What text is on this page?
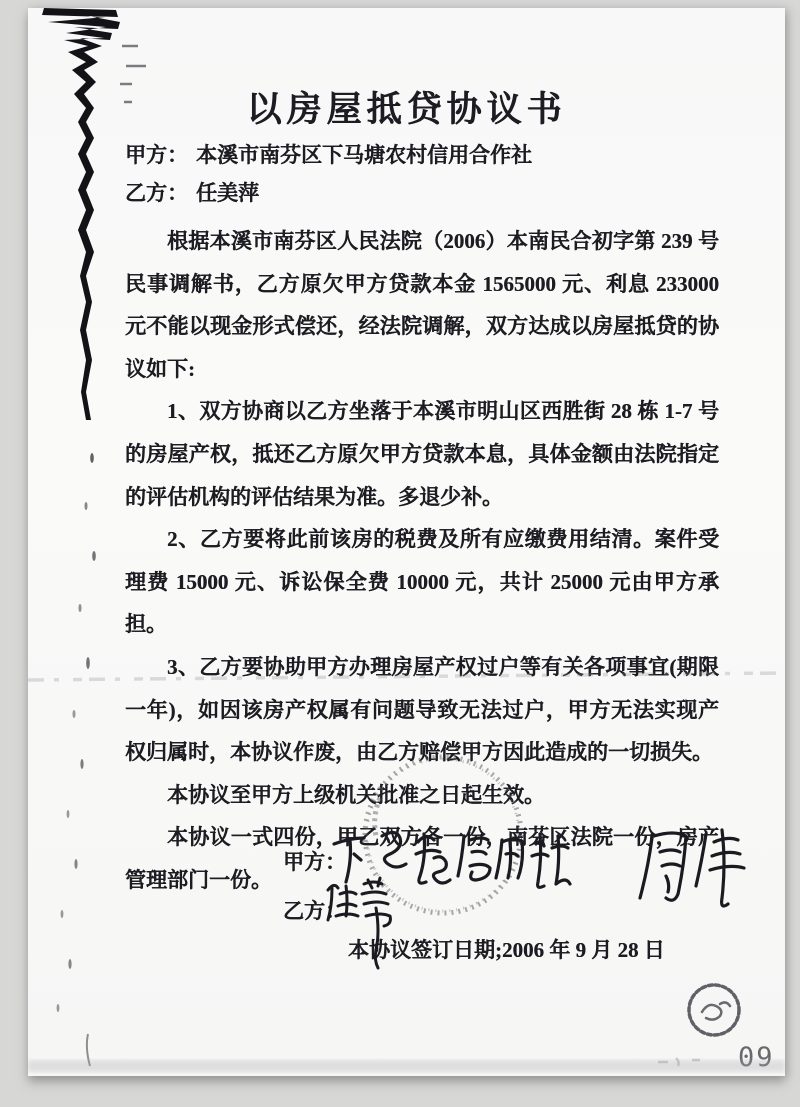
以房屋抵贷协议书
甲方： 本溪市南芬区下马塘农村信用合作社
乙方： 任美萍

根据本溪市南芬区人民法院（2006）本南民合初字第 239 号民事调解书，乙方原欠甲方贷款本金 1565000 元、利息 233000 元不能以现金形式偿还，经法院调解，双方达成以房屋抵贷的协议如下:

1、双方协商以乙方坐落于本溪市明山区西胜街 28 栋 1-7 号的房屋产权，抵还乙方原欠甲方贷款本息，具体金额由法院指定的评估机构的评估结果为准。多退少补。

2、乙方要将此前该房的税费及所有应缴费用结清。案件受理费 15000 元、诉讼保全费 10000 元，共计 25000 元由甲方承担。

3、乙方要协助甲方办理房屋产权过户等有关各项事宜(期限一年)，如因该房产权属有问题导致无法过户，甲方无法实现产权归属时，本协议作废，由乙方赔偿甲方因此造成的一切损失。

本协议至甲方上级机关批准之日起生效。

本协议一式四份，甲乙双方各一份，南芬区法院一份，房产管理部门一份。

甲方：
乙方：
本协议签订日期;2006 年 9 月 28 日
09
